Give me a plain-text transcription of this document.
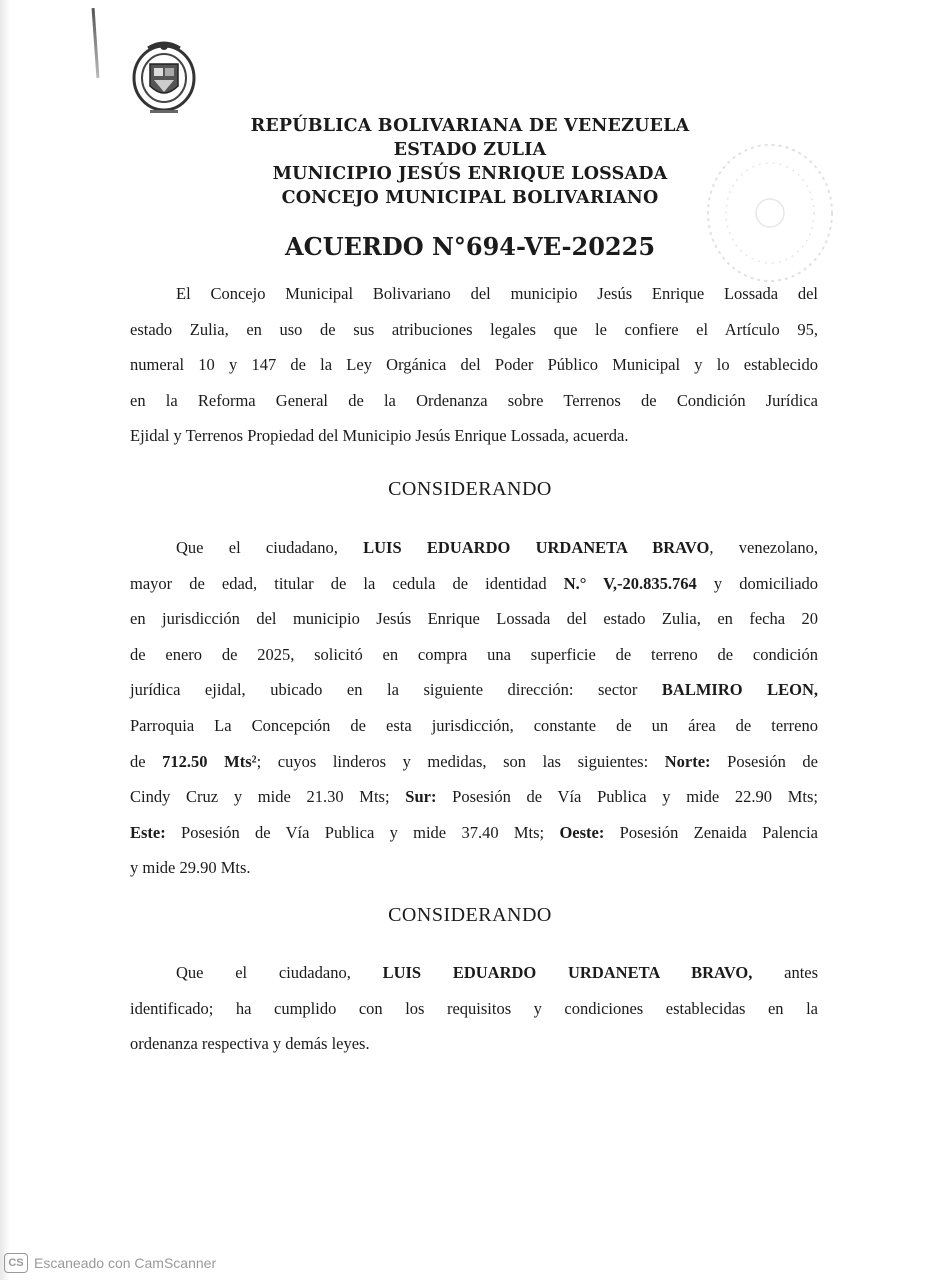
REPÚBLICA BOLIVARIANA DE VENEZUELA
ESTADO ZULIA
MUNICIPIO JESÚS ENRIQUE LOSSADA
CONCEJO MUNICIPAL BOLIVARIANO
ACUERDO N°694-VE-20225
El Concejo Municipal Bolivariano del municipio Jesús Enrique Lossada del
estado Zulia, en uso de sus atribuciones legales que le confiere el Artículo 95,
numeral 10 y 147 de la Ley Orgánica del Poder Público Municipal y lo establecido
en la Reforma General de la Ordenanza sobre Terrenos de Condición Jurídica
Ejidal y Terrenos Propiedad del Municipio Jesús Enrique Lossada, acuerda.
CONSIDERANDO
Que el ciudadano, LUIS EDUARDO URDANETA BRAVO, venezolano,
mayor de edad, titular de la cedula de identidad N.° V,-20.835.764 y domiciliado
en jurisdicción del municipio Jesús Enrique Lossada del estado Zulia, en fecha 20
de enero de 2025, solicitó en compra una superficie de terreno de condición
jurídica ejidal, ubicado en la siguiente dirección: sector BALMIRO LEON,
Parroquia La Concepción de esta jurisdicción, constante de un área de terreno
de 712.50 Mts²; cuyos linderos y medidas, son las siguientes: Norte: Posesión de
Cindy Cruz y mide 21.30 Mts; Sur: Posesión de Vía Publica y mide 22.90 Mts;
Este: Posesión de Vía Publica y mide 37.40 Mts; Oeste: Posesión Zenaida Palencia
y mide 29.90 Mts.
CONSIDERANDO
Que el ciudadano, LUIS EDUARDO URDANETA BRAVO, antes
identificado; ha cumplido con los requisitos y condiciones establecidas en la
ordenanza respectiva y demás leyes.
CS Escaneado con CamScanner
